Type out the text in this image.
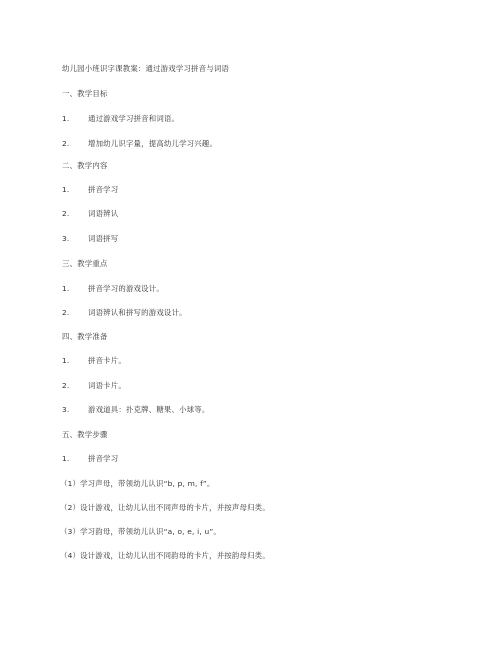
幼儿园小班识字课教案：通过游戏学习拼音与词语
一、教学目标
1.	通过游戏学习拼音和词语。
2.	增加幼儿识字量，提高幼儿学习兴趣。
二、教学内容
1.	拼音学习
2.	词语辨认
3.	词语拼写
三、教学重点
1.	拼音学习的游戏设计。
2.	词语辨认和拼写的游戏设计。
四、教学准备
1.	拼音卡片。
2.	词语卡片。
3.	游戏道具：扑克牌、糖果、小球等。
五、教学步骤
1.	拼音学习
（1）学习声母，带领幼儿认识“b, p, m, f”。
（2）设计游戏，让幼儿认出不同声母的卡片，并按声母归类。
（3）学习韵母，带领幼儿认识“a, o, e, i, u”。
（4）设计游戏，让幼儿认出不同韵母的卡片，并按韵母归类。
